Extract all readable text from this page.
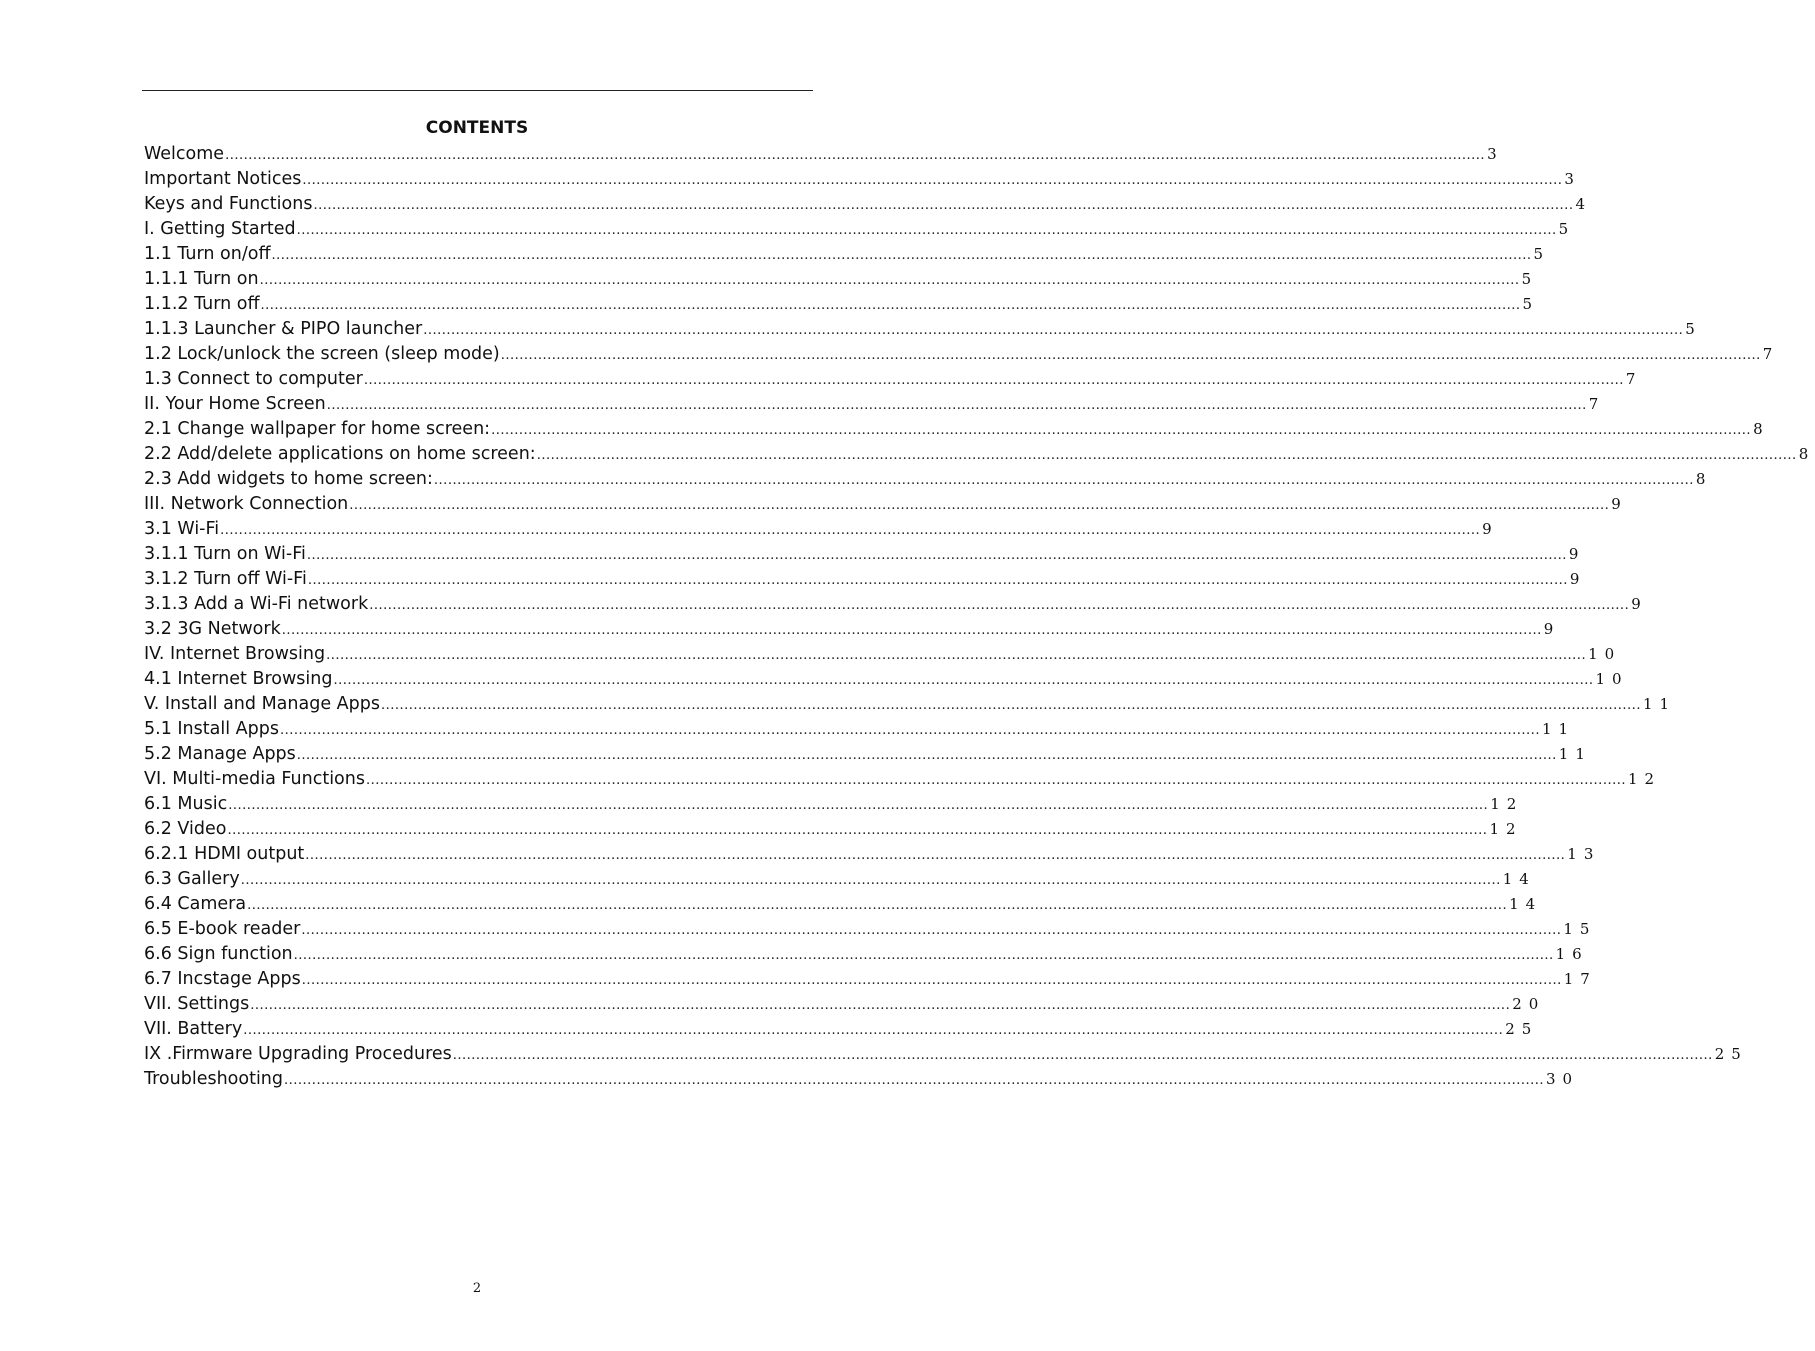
CONTENTS
Welcome .....	3
Important Notices .....	3
Keys and Functions .....	4
I. Getting Started .....	5
1.1 Turn on/off .....	5
1.1.1 Turn on .....	5
1.1.2 Turn off .....	5
1.1.3 Launcher & PIPO launcher .....	5
1.2 Lock/unlock the screen (sleep mode) .....	7
1.3 Connect to computer .....	7
II. Your Home Screen .....	7
2.1 Change wallpaper for home screen: .....	8
2.2 Add/delete applications on home screen: .....	8
2.3 Add widgets to home screen: .....	8
III. Network Connection .....	9
3.1 Wi-Fi .....	9
3.1.1 Turn on Wi-Fi .....	9
3.1.2 Turn off Wi-Fi .....	9
3.1.3 Add a Wi-Fi network .....	9
3.2 3G Network .....	9
IV. Internet Browsing .....	10
4.1 Internet Browsing .....	10
V. Install and Manage Apps .....	11
5.1 Install Apps .....	11
5.2 Manage Apps .....	11
VI. Multi-media Functions .....	12
6.1 Music .....	12
6.2 Video .....	12
6.2.1 HDMI output .....	13
6.3 Gallery .....	14
6.4 Camera .....	14
6.5 E-book reader .....	15
6.6 Sign function .....	16
6.7 Incstage Apps .....	17
VII. Settings .....	20
VII. Battery .....	25
IX .Firmware Upgrading Procedures .....	25
Troubleshooting .....	30
2
